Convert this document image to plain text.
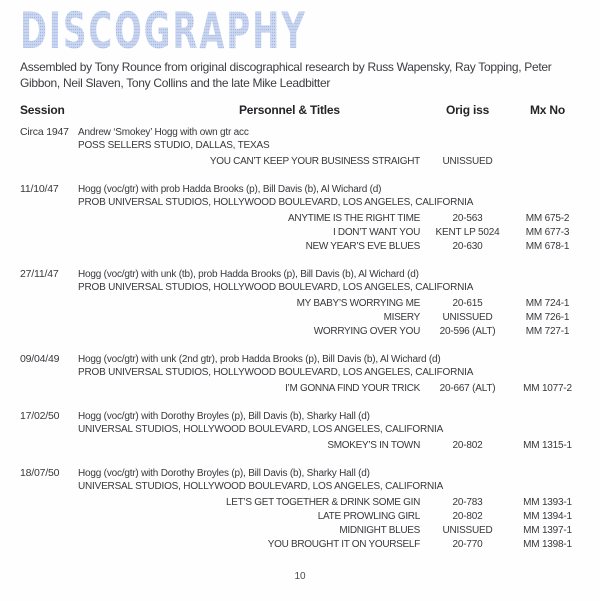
DISCOGRAPHY
Assembled by Tony Rounce from original discographical research by Russ Wapensky, Ray Topping, Peter
Gibbon, Neil Slaven, Tony Collins and the late Mike Leadbitter
Session	Personnel & Titles	Orig iss	Mx No
Circa 1947 Andrew ‘Smokey’ Hogg with own gtr acc
POSS SELLERS STUDIO, DALLAS, TEXAS
YOU CAN’T KEEP YOUR BUSINESS STRAIGHT	UNISSUED
11/10/47	Hogg (voc/gtr) with prob Hadda Brooks (p), Bill Davis (b), Al Wichard (d)
PROB UNIVERSAL STUDIOS, HOLLYWOOD BOULEVARD, LOS ANGELES, CALIFORNIA
ANYTIME IS THE RIGHT TIME	20-563	MM 675-2
I DON’T WANT YOU	KENT LP 5024	MM 677-3
NEW YEAR’S EVE BLUES	20-630	MM 678-1
27/11/47	Hogg (voc/gtr) with unk (tb), prob Hadda Brooks (p), Bill Davis (b), Al Wichard (d)
PROB UNIVERSAL STUDIOS, HOLLYWOOD BOULEVARD, LOS ANGELES, CALIFORNIA
MY BABY’S WORRYING ME	20-615	MM 724-1
MISERY	UNISSUED	MM 726-1
WORRYING OVER YOU	20-596 (ALT)	MM 727-1
09/04/49	Hogg (voc/gtr) with unk (2nd gtr), prob Hadda Brooks (p), Bill Davis (b), Al Wichard (d)
PROB UNIVERSAL STUDIOS, HOLLYWOOD BOULEVARD, LOS ANGELES, CALIFORNIA
I’M GONNA FIND YOUR TRICK	20-667 (ALT)	MM 1077-2
17/02/50	Hogg (voc/gtr) with Dorothy Broyles (p), Bill Davis (b), Sharky Hall (d)
UNIVERSAL STUDIOS, HOLLYWOOD BOULEVARD, LOS ANGELES, CALIFORNIA
SMOKEY’S IN TOWN	20-802	MM 1315-1
18/07/50	Hogg (voc/gtr) with Dorothy Broyles (p), Bill Davis (b), Sharky Hall (d)
UNIVERSAL STUDIOS, HOLLYWOOD BOULEVARD, LOS ANGELES, CALIFORNIA
LET’S GET TOGETHER & DRINK SOME GIN	20-783	MM 1393-1
LATE PROWLING GIRL	20-802	MM 1394-1
MIDNIGHT BLUES	UNISSUED	MM 1397-1
YOU BROUGHT IT ON YOURSELF	20-770	MM 1398-1
10
